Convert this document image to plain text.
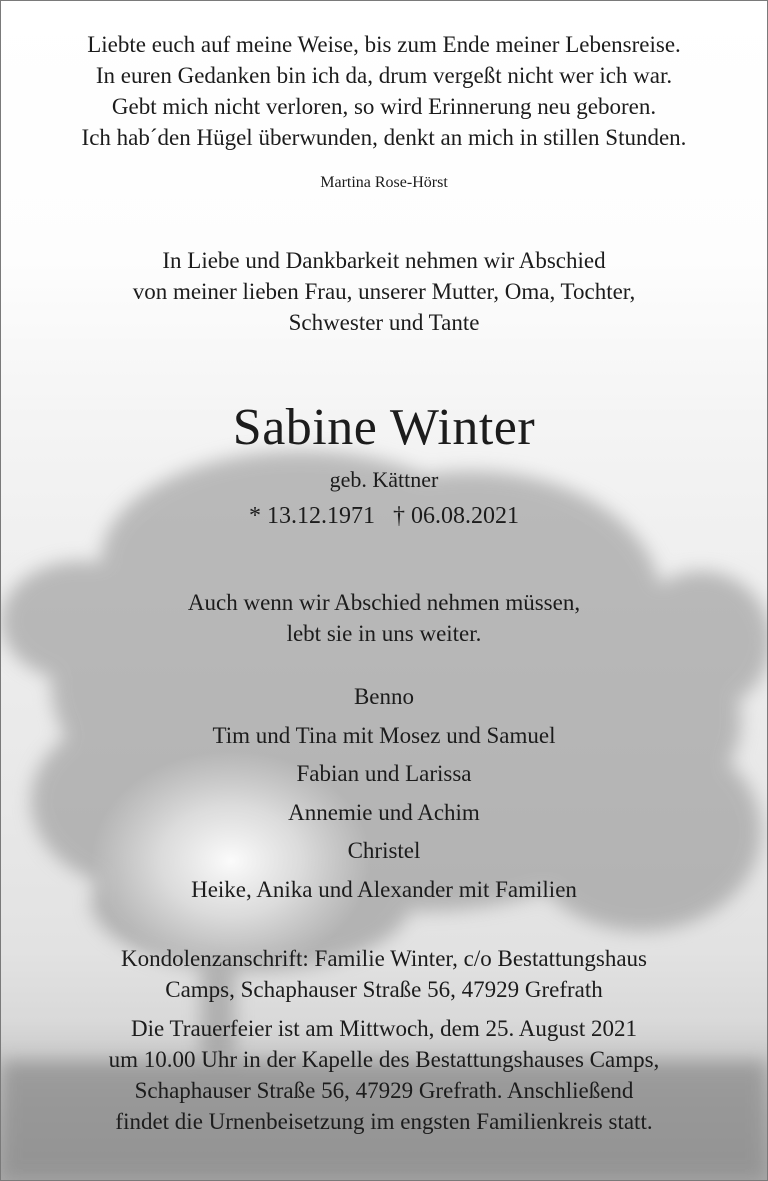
Liebte euch auf meine Weise, bis zum Ende meiner Lebensreise.
In euren Gedanken bin ich da, drum vergeßt nicht wer ich war.
Gebt mich nicht verloren, so wird Erinnerung neu geboren.
Ich hab´den Hügel überwunden, denkt an mich in stillen Stunden.
Martina Rose-Hörst
In Liebe und Dankbarkeit nehmen wir Abschied
von meiner lieben Frau, unserer Mutter, Oma, Tochter,
Schwester und Tante
Sabine Winter
geb. Kättner
* 13.12.1971 † 06.08.2021
Auch wenn wir Abschied nehmen müssen,
lebt sie in uns weiter.
Benno
Tim und Tina mit Mosez und Samuel
Fabian und Larissa
Annemie und Achim
Christel
Heike, Anika und Alexander mit Familien
Kondolenzanschrift: Familie Winter, c/o Bestattungshaus
Camps, Schaphauser Straße 56, 47929 Grefrath
Die Trauerfeier ist am Mittwoch, dem 25. August 2021
um 10.00 Uhr in der Kapelle des Bestattungshauses Camps,
Schaphauser Straße 56, 47929 Grefrath. Anschließend
findet die Urnenbeisetzung im engsten Familienkreis statt.
